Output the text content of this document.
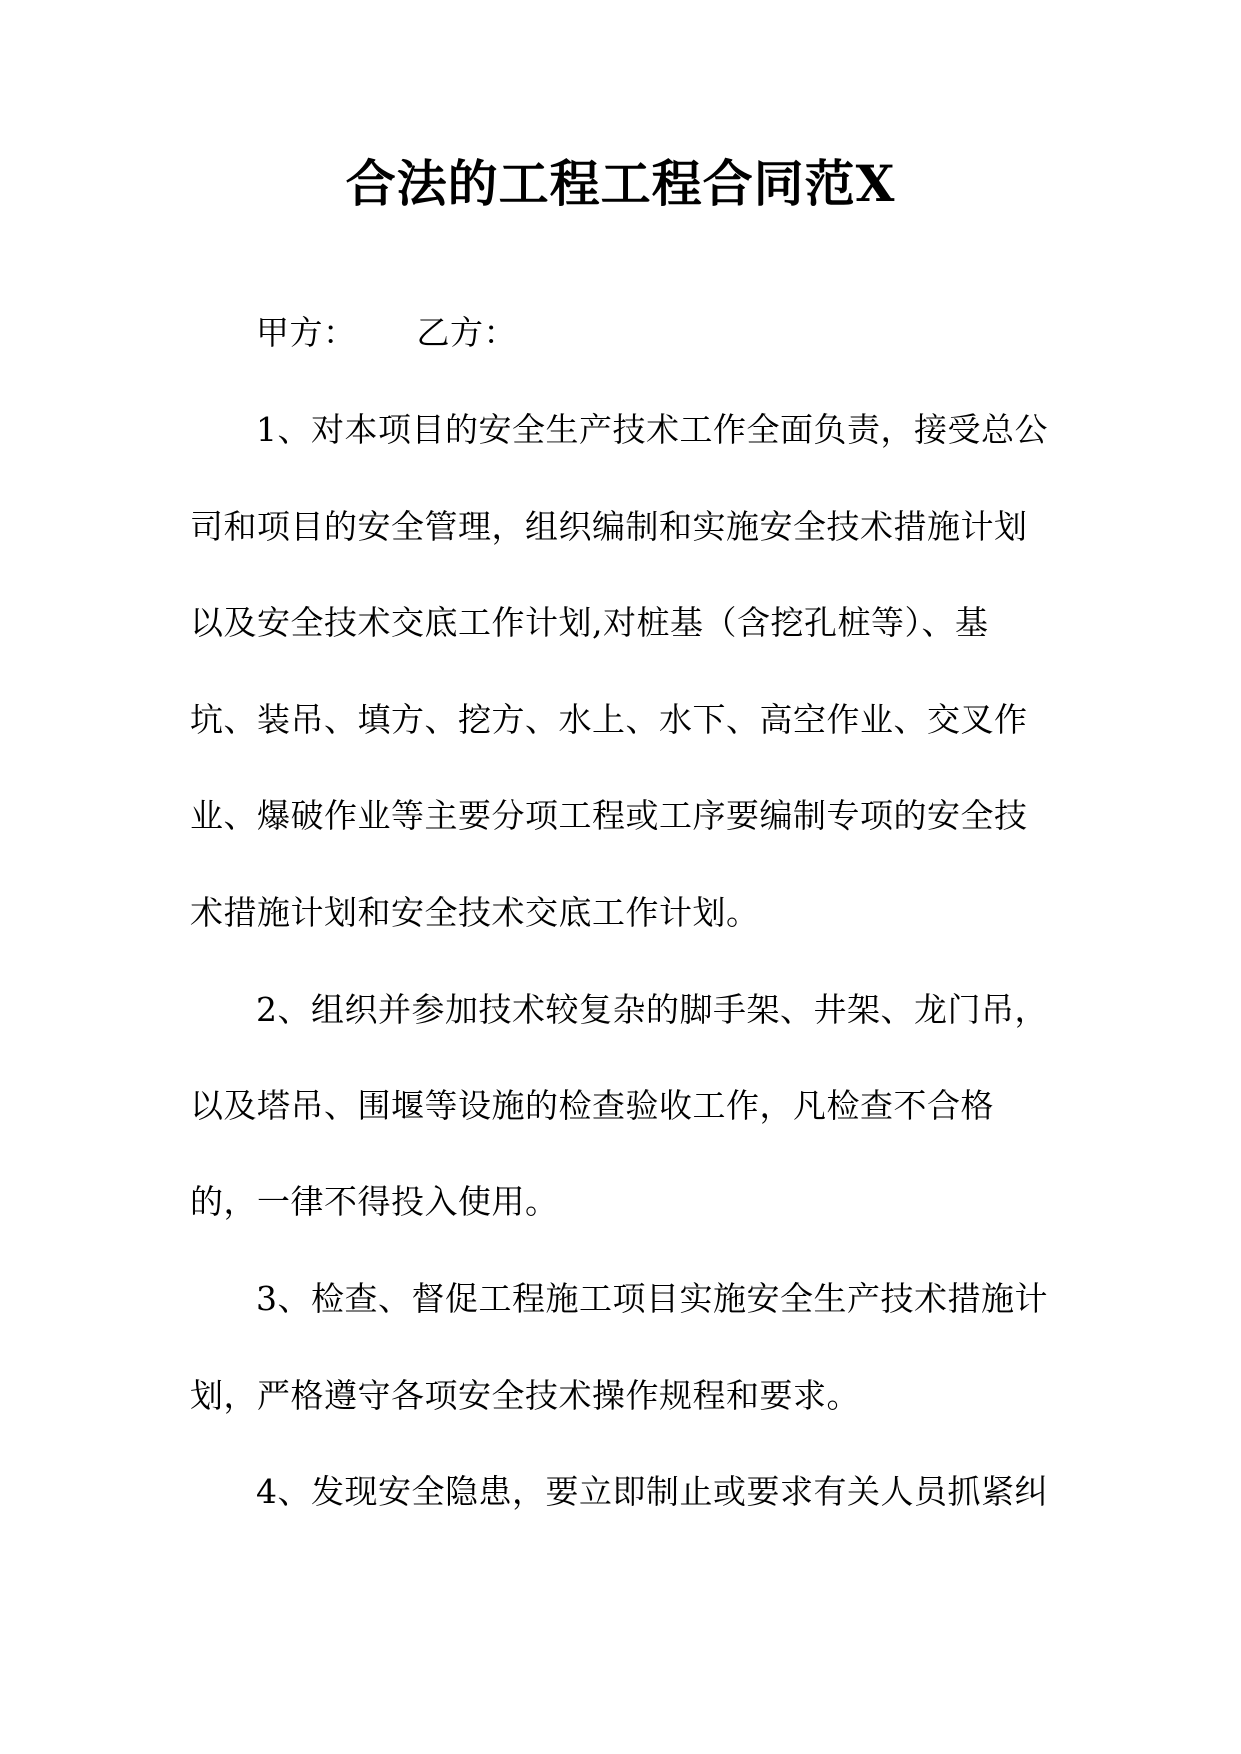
合法的工程工程合同范X
甲方： 乙方：
1、对本项目的安全生产技术工作全面负责，接受总公
司和项目的安全管理，组织编制和实施安全技术措施计划
以及安全技术交底工作计划,对桩基（含挖孔桩等）、基
坑、装吊、填方、挖方、水上、水下、高空作业、交叉作
业、爆破作业等主要分项工程或工序要编制专项的安全技
术措施计划和安全技术交底工作计划。
2、组织并参加技术较复杂的脚手架、井架、龙门吊，
以及塔吊、围堰等设施的检查验收工作，凡检查不合格
的，一律不得投入使用。
3、检查、督促工程施工项目实施安全生产技术措施计
划，严格遵守各项安全技术操作规程和要求。
4、发现安全隐患，要立即制止或要求有关人员抓紧纠
